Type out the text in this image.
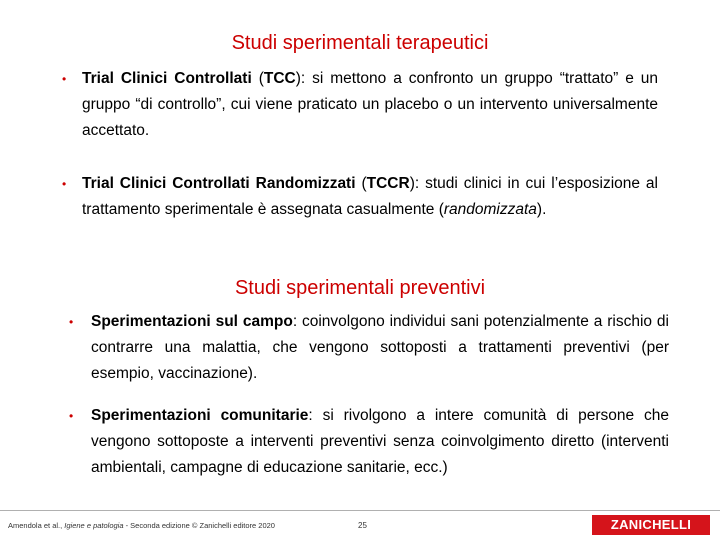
Studi sperimentali terapeutici
• Trial Clinici Controllati (TCC): si mettono a confronto un gruppo “trattato” e un gruppo “di controllo”, cui viene praticato un placebo o un intervento universalmente accettato.
• Trial Clinici Controllati Randomizzati (TCCR): studi clinici in cui l’esposizione al trattamento sperimentale è assegnata casualmente (randomizzata).
Studi sperimentali preventivi
• Sperimentazioni sul campo: coinvolgono individui sani potenzialmente a rischio di contrarre una malattia, che vengono sottoposti a trattamenti preventivi (per esempio, vaccinazione).
• Sperimentazioni comunitarie: si rivolgono a intere comunità di persone che vengono sottoposte a interventi preventivi senza coinvolgimento diretto (interventi ambientali, campagne di educazione sanitarie, ecc.)
Amendola et al., Igiene e patologia - Seconda edizione © Zanichelli editore 2020	25	ZANICHELLI
